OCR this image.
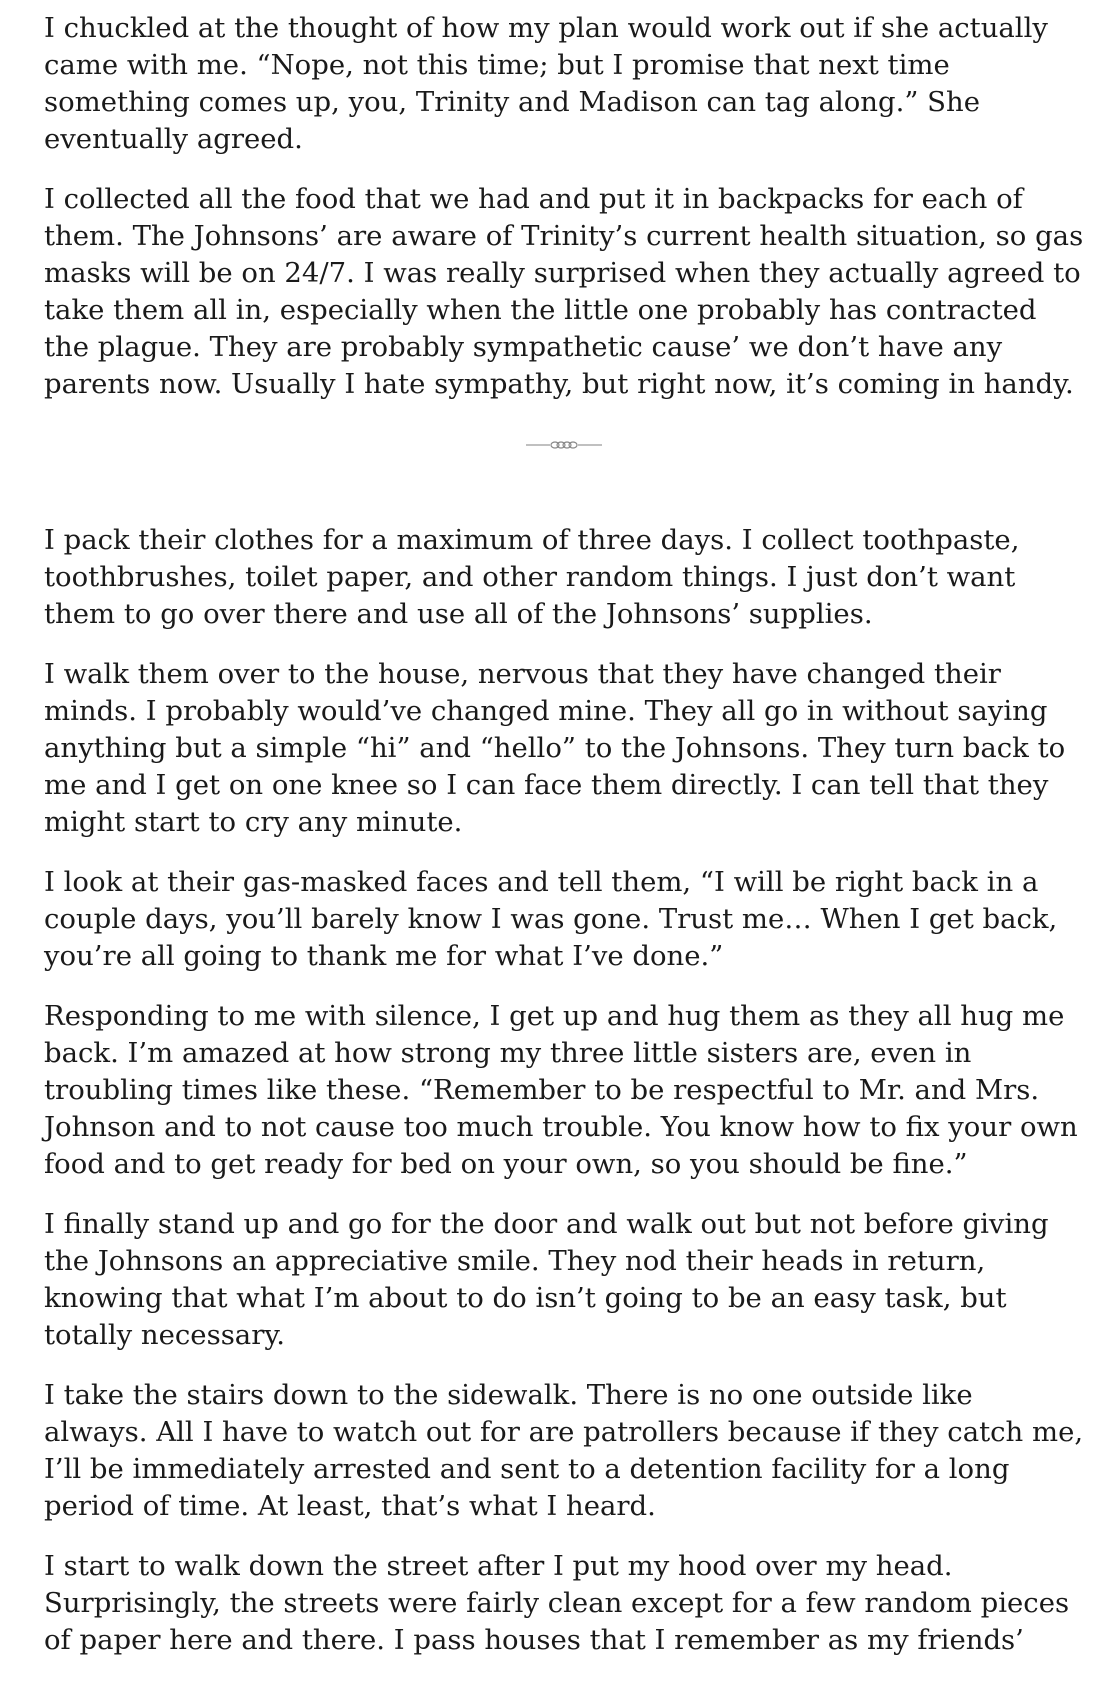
I chuckled at the thought of how my plan would work out if she actually came with me. “Nope, not this time; but I promise that next time something comes up, you, Trinity and Madison can tag along.” She eventually agreed.

I collected all the food that we had and put it in backpacks for each of them. The Johnsons’ are aware of Trinity’s current health situation, so gas masks will be on 24/7. I was really surprised when they actually agreed to take them all in, especially when the little one probably has contracted the plague. They are probably sympathetic cause’ we don’t have any parents now. Usually I hate sympathy, but right now, it’s coming in handy.

I pack their clothes for a maximum of three days. I collect toothpaste, toothbrushes, toilet paper, and other random things. I just don’t want them to go over there and use all of the Johnsons’ supplies.

I walk them over to the house, nervous that they have changed their minds. I probably would’ve changed mine. They all go in without saying anything but a simple “hi” and “hello” to the Johnsons. They turn back to me and I get on one knee so I can face them directly. I can tell that they might start to cry any minute.

I look at their gas-masked faces and tell them, “I will be right back in a couple days, you’ll barely know I was gone. Trust me… When I get back, you’re all going to thank me for what I’ve done.”

Responding to me with silence, I get up and hug them as they all hug me back. I’m amazed at how strong my three little sisters are, even in troubling times like these. “Remember to be respectful to Mr. and Mrs. Johnson and to not cause too much trouble. You know how to fix your own food and to get ready for bed on your own, so you should be fine.”

I finally stand up and go for the door and walk out but not before giving the Johnsons an appreciative smile. They nod their heads in return, knowing that what I’m about to do isn’t going to be an easy task, but totally necessary.

I take the stairs down to the sidewalk. There is no one outside like always. All I have to watch out for are patrollers because if they catch me, I’ll be immediately arrested and sent to a detention facility for a long period of time. At least, that’s what I heard.

I start to walk down the street after I put my hood over my head. Surprisingly, the streets were fairly clean except for a few random pieces of paper here and there. I pass houses that I remember as my friends’
